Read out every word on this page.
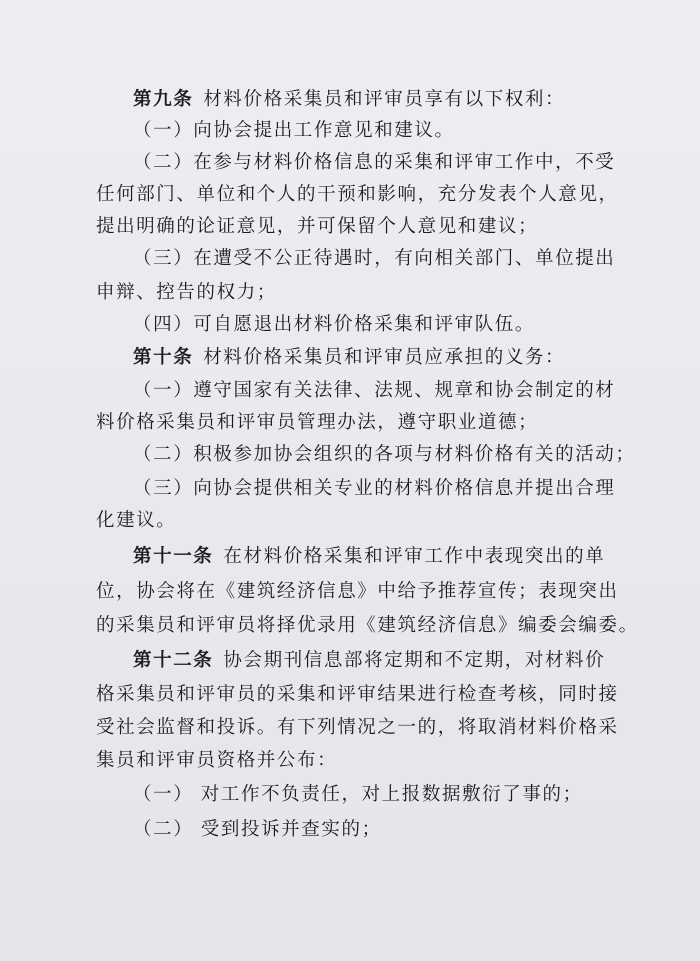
第九条 材料价格采集员和评审员享有以下权利：
（一）向协会提出工作意见和建议。
（二）在参与材料价格信息的采集和评审工作中，不受
任何部门、单位和个人的干预和影响，充分发表个人意见，
提出明确的论证意见，并可保留个人意见和建议；
（三）在遭受不公正待遇时，有向相关部门、单位提出
申辩、控告的权力；
（四）可自愿退出材料价格采集和评审队伍。
第十条 材料价格采集员和评审员应承担的义务：
（一）遵守国家有关法律、法规、规章和协会制定的材
料价格采集员和评审员管理办法，遵守职业道德；
（二）积极参加协会组织的各项与材料价格有关的活动；
（三）向协会提供相关专业的材料价格信息并提出合理
化建议。
第十一条 在材料价格采集和评审工作中表现突出的单
位，协会将在《建筑经济信息》中给予推荐宣传；表现突出
的采集员和评审员将择优录用《建筑经济信息》编委会编委。
第十二条 协会期刊信息部将定期和不定期，对材料价
格采集员和评审员的采集和评审结果进行检查考核，同时接
受社会监督和投诉。有下列情况之一的，将取消材料价格采
集员和评审员资格并公布：
（一） 对工作不负责任，对上报数据敷衍了事的；
（二） 受到投诉并查实的；
